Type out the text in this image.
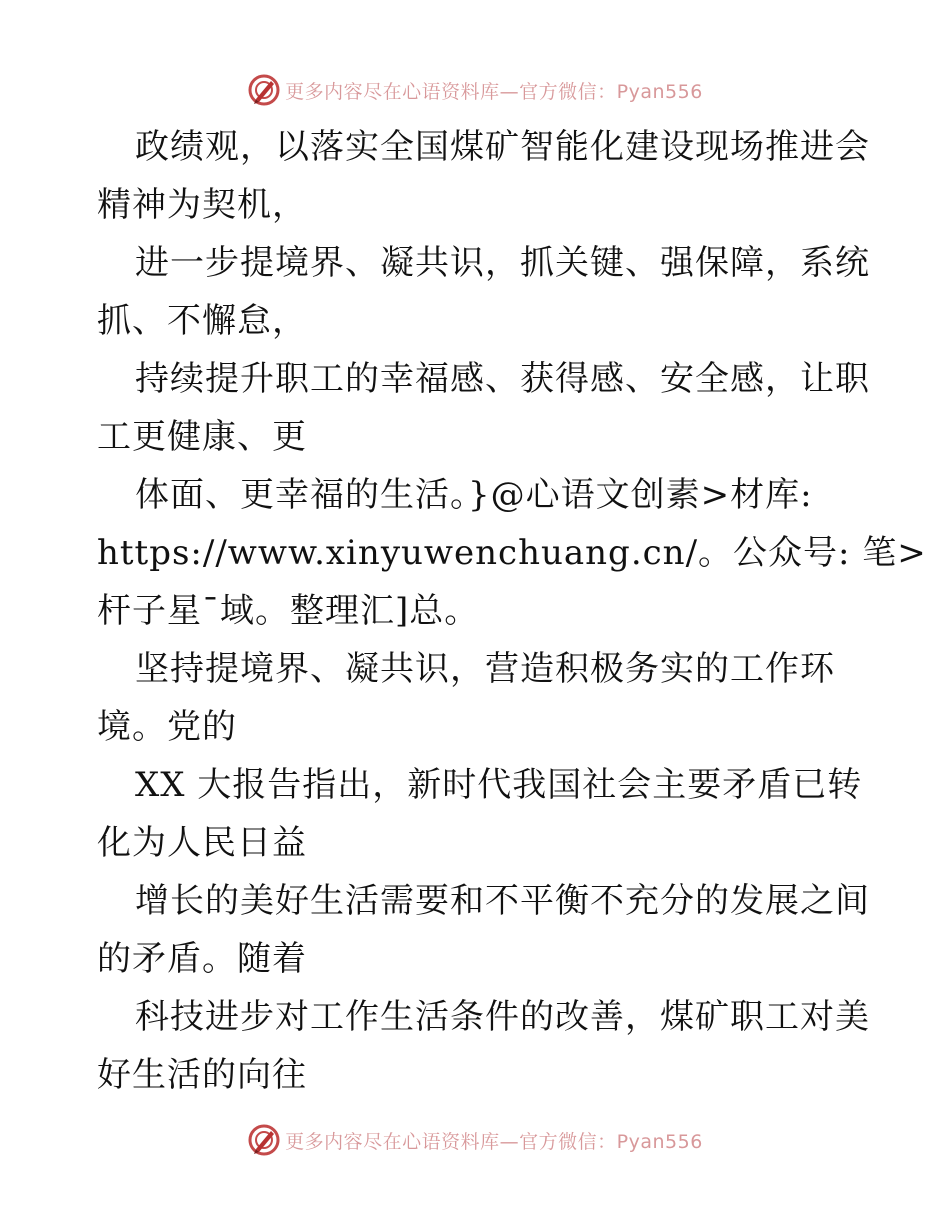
更多内容尽在心语资料库—官方微信：Pyan556
政绩观，以落实全国煤矿智能化建设现场推进会
精神为契机，
进一步提境界、凝共识，抓关键、强保障，系统
抓、不懈怠，
持续提升职工的幸福感、获得感、安全感，让职
工更健康、更
体面、更幸福的生活。}@心语文创素>材库:
https://www.xinyuwenchuang.cn/。公众号: 笔>
杆子星¯域。整理汇]总。
坚持提境界、凝共识，营造积极务实的工作环
境。党的
XX 大报告指出，新时代我国社会主要矛盾已转
化为人民日益
增长的美好生活需要和不平衡不充分的发展之间
的矛盾。随着
科技进步对工作生活条件的改善，煤矿职工对美
好生活的向往
更多内容尽在心语资料库—官方微信：Pyan556
